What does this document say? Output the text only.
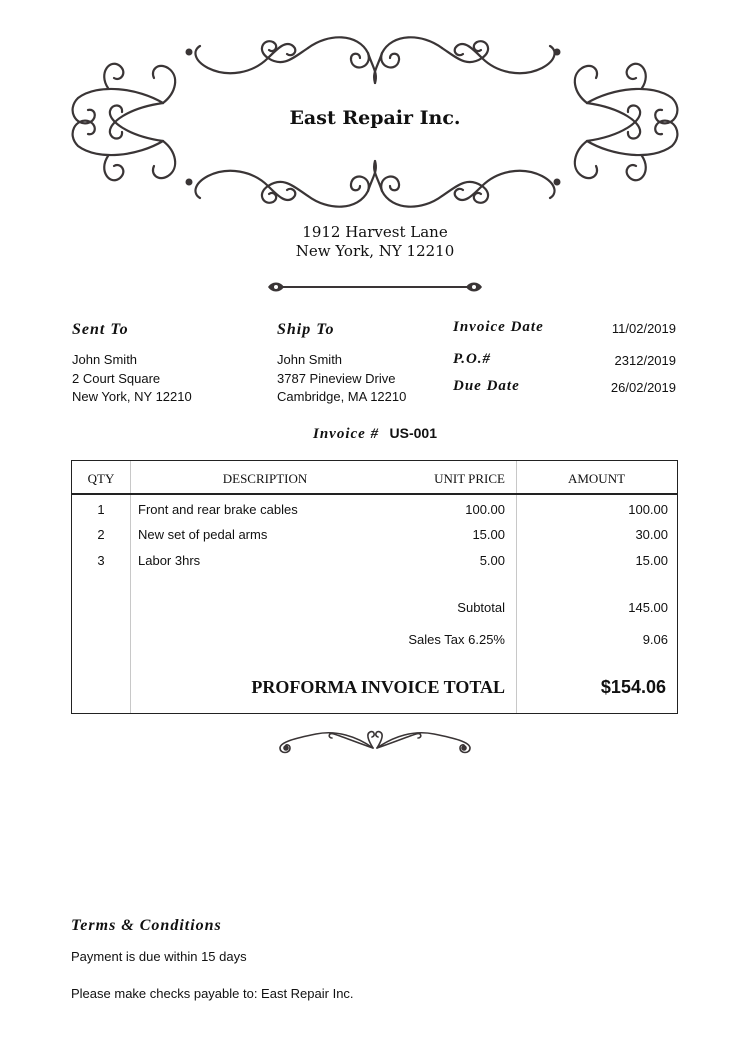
East Repair Inc.
1912 Harvest Lane
New York, NY 12210
Sent To
John Smith
2 Court Square
New York, NY 12210
Ship To
John Smith
3787 Pineview Drive
Cambridge, MA 12210
Invoice Date	11/02/2019
P.O.#	2312/2019
Due Date	26/02/2019
Invoice # US-001
QTY	DESCRIPTION	UNIT PRICE	AMOUNT
1	Front and rear brake cables	100.00	100.00
2	New set of pedal arms	15.00	30.00
3	Labor 3hrs	5.00	15.00
Subtotal	145.00
Sales Tax 6.25%	9.06
PROFORMA INVOICE TOTAL	$154.06
Terms & Conditions
Payment is due within 15 days
Please make checks payable to: East Repair Inc.
